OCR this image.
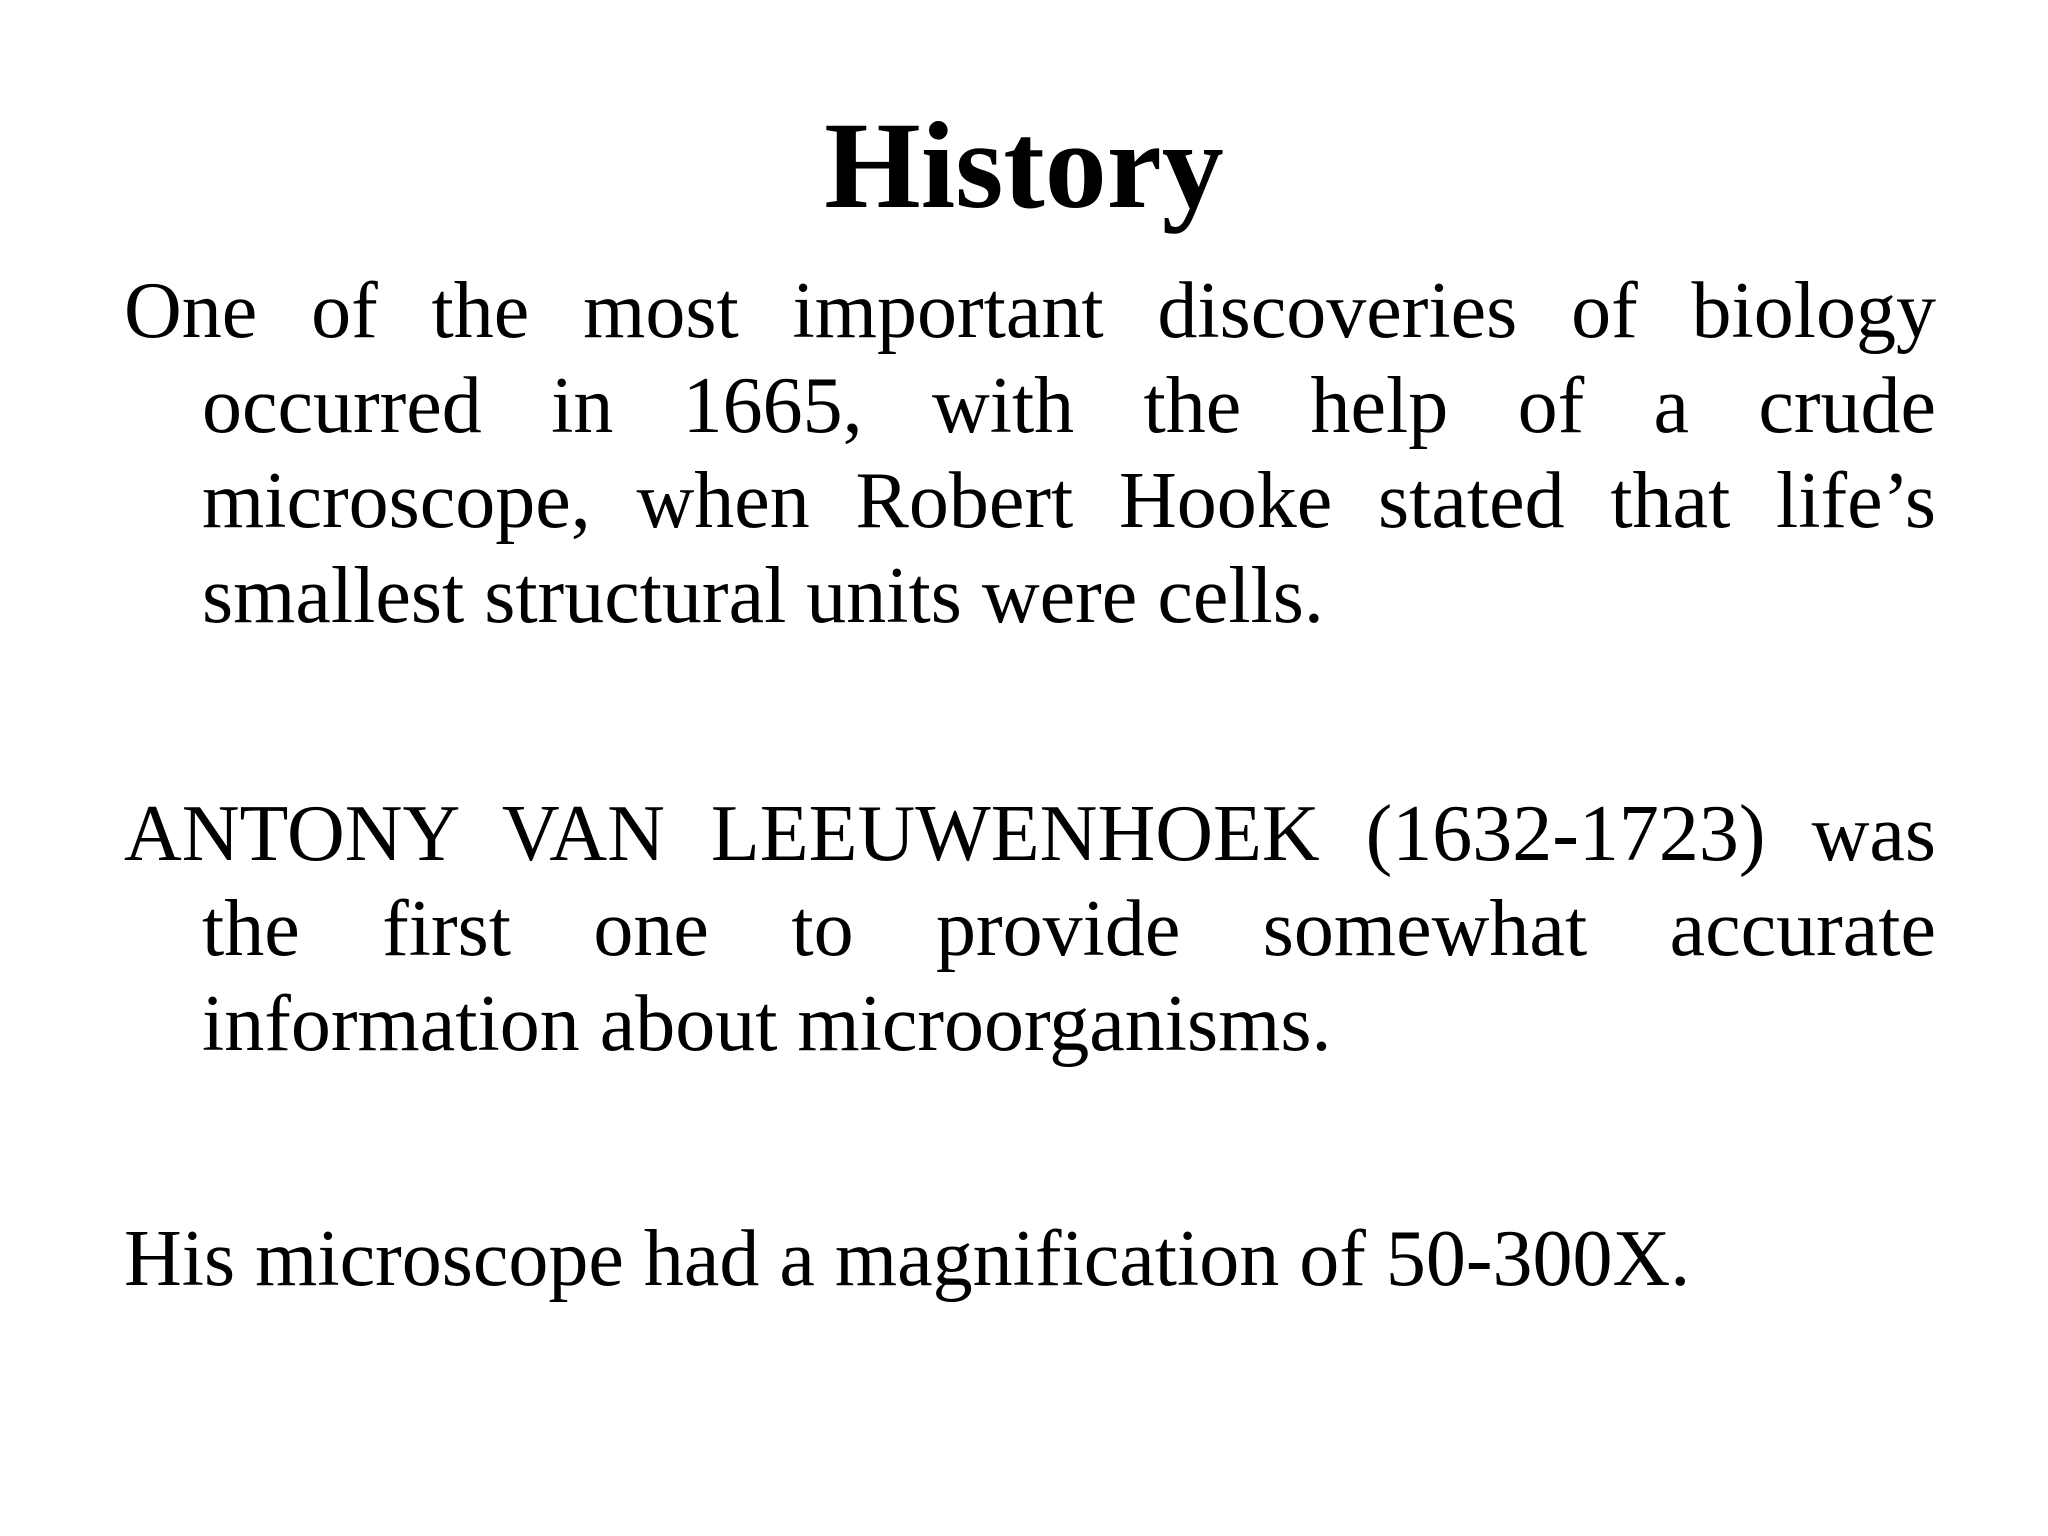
History

One of the most important discoveries of biology occurred in 1665, with the help of a crude microscope, when Robert Hooke stated that life’s smallest structural units were cells.

ANTONY VAN LEEUWENHOEK (1632-1723) was the first one to provide somewhat accurate information about microorganisms.

His microscope had a magnification of 50-300X.
